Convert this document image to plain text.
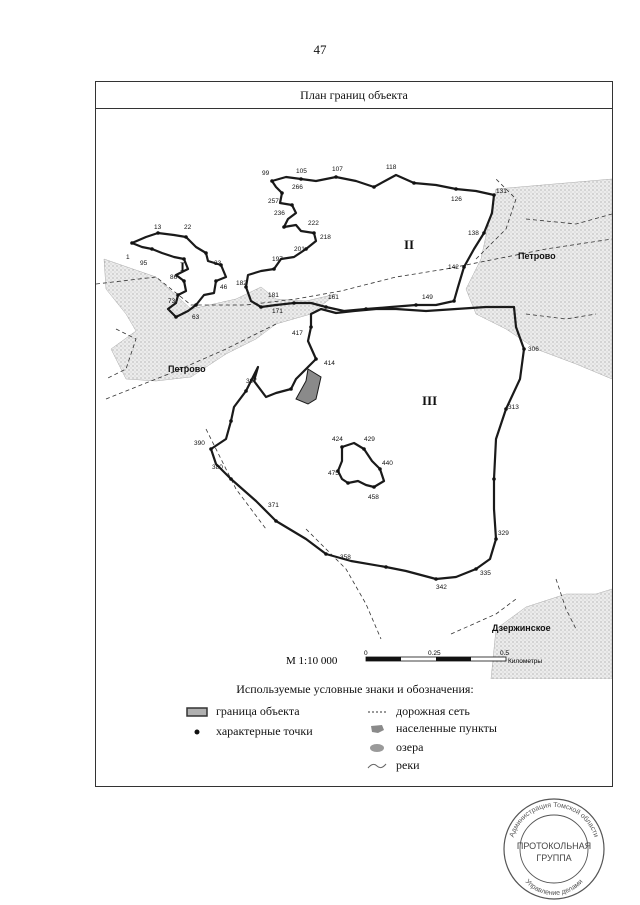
47
План границ объекта
99	105	107	118
126
131
138
142
149
161
171
181
182
197
201
218
222
236
257
266
1
13	22
33
46
63
73
86
95
306
313
329
335
342
358
371
380
390
397
414
417
424	429
440
458
475
I
II
III
Петрово
Петрово
Дзержинское
М 1:10 000
0	0.25	0.5
Километры
Используемые условные знаки и обозначения:
граница объекта	дорожная сеть
характерные точки	населенные пункты
озера
реки
Администрация Томской области
Управление делами
ПРОТОКОЛЬНАЯ
ГРУППА
